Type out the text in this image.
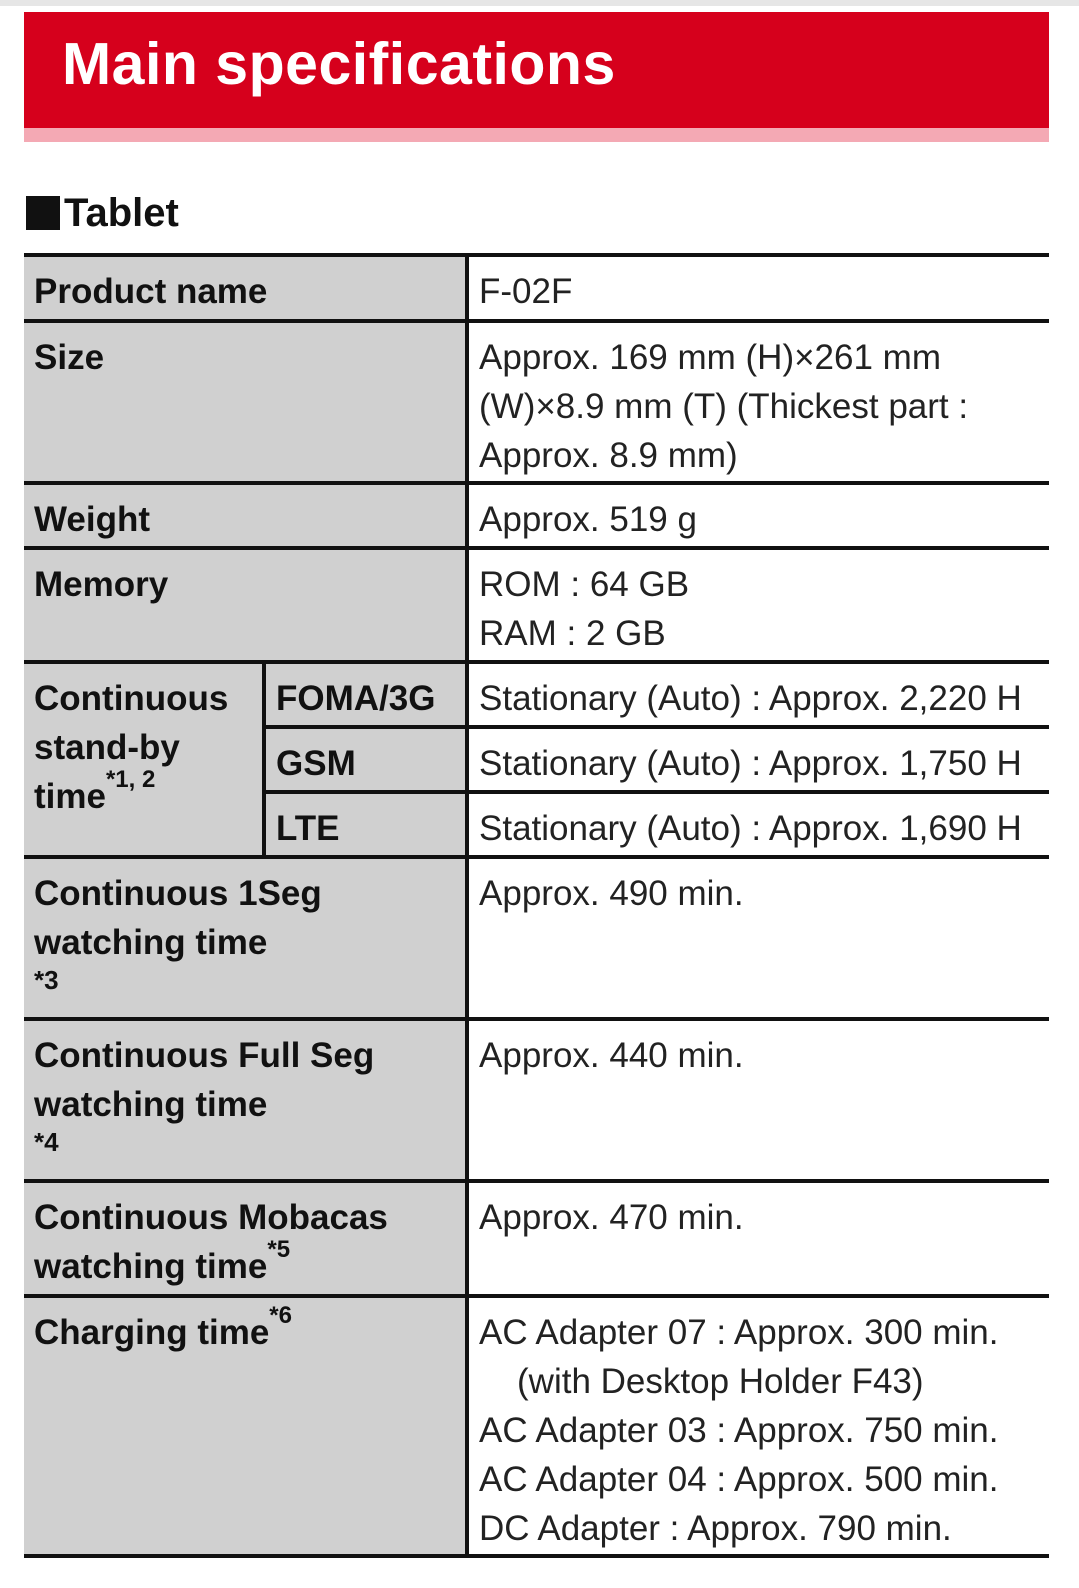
Main specifications
Tablet
Product name		F-02F
Size		Approx. 169 mm (H)×261 mm
(W)×8.9 mm (T) (Thickest part :
Approx. 8.9 mm)

Weight		Approx. 519 g
Memory		ROM : 64 GB
RAM : 2 GB

Continuous
stand-by
time$^{*1, 2}$	FOMA/3G	Stationary (Auto) : Approx. 2,220 H
	GSM	Stationary (Auto) : Approx. 1,750 H
	LTE	Stationary (Auto) : Approx. 1,690 H

Continuous 1Seg
watching time
*3		Approx. 490 min.

Continuous Full Seg
watching time
*4		Approx. 440 min.

Continuous Mobacas
watching time$^{*5}$		Approx. 470 min.

Charging time$^{*6}$		AC Adapter 07 : Approx. 300 min.
(with Desktop Holder F43)
AC Adapter 03 : Approx. 750 min.
AC Adapter 04 : Approx. 500 min.
DC Adapter : Approx. 790 min.
